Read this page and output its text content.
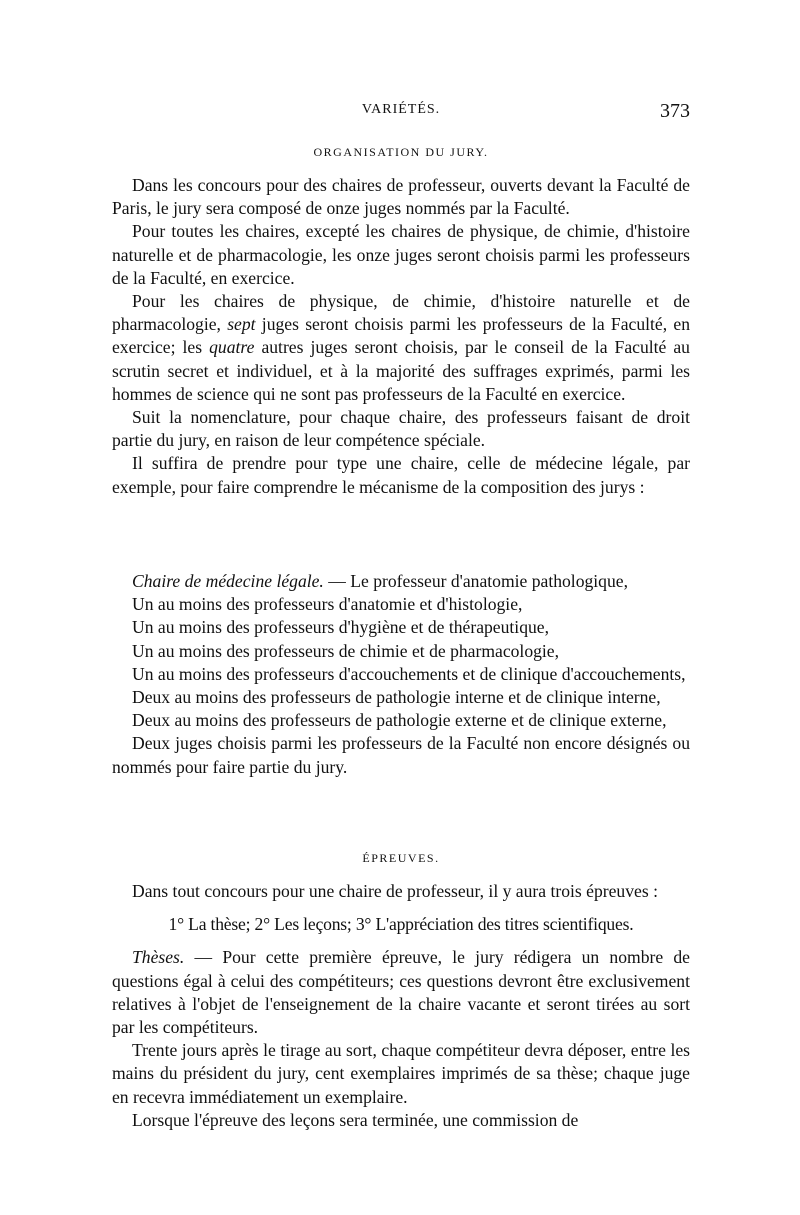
VARIÉTÉS.	373
ORGANISATION DU JURY.

Dans les concours pour des chaires de professeur, ouverts devant la Faculté de Paris, le jury sera composé de onze juges nommés par la Faculté.

Pour toutes les chaires, excepté les chaires de physique, de chimie, d'histoire naturelle et de pharmacologie, les onze juges seront choisis parmi les professeurs de la Faculté, en exercice.

Pour les chaires de physique, de chimie, d'histoire naturelle et de pharmacologie, sept juges seront choisis parmi les professeurs de la Faculté, en exercice; les quatre autres juges seront choisis, par le conseil de la Faculté au scrutin secret et individuel, et à la majorité des suffrages exprimés, parmi les hommes de science qui ne sont pas professeurs de la Faculté en exercice.

Suit la nomenclature, pour chaque chaire, des professeurs faisant de droit partie du jury, en raison de leur compétence spéciale.

Il suffira de prendre pour type une chaire, celle de médecine légale, par exemple, pour faire comprendre le mécanisme de la composition des jurys :

Chaire de médecine légale. — Le professeur d'anatomie pathologique,

Un au moins des professeurs d'anatomie et d'histologie,

Un au moins des professeurs d'hygiène et de thérapeutique,

Un au moins des professeurs de chimie et de pharmacologie,

Un au moins des professeurs d'accouchements et de clinique d'accouchements,

Deux au moins des professeurs de pathologie interne et de clinique interne,

Deux au moins des professeurs de pathologie externe et de clinique externe,

Deux juges choisis parmi les professeurs de la Faculté non encore désignés ou nommés pour faire partie du jury.

ÉPREUVES.

Dans tout concours pour une chaire de professeur, il y aura trois épreuves :

1° La thèse; 2° Les leçons; 3° L'appréciation des titres scientifiques.

Thèses. — Pour cette première épreuve, le jury rédigera un nombre de questions égal à celui des compétiteurs; ces questions devront être exclusivement relatives à l'objet de l'enseignement de la chaire vacante et seront tirées au sort par les compétiteurs.

Trente jours après le tirage au sort, chaque compétiteur devra déposer, entre les mains du président du jury, cent exemplaires imprimés de sa thèse; chaque juge en recevra immédiatement un exemplaire.

Lorsque l'épreuve des leçons sera terminée, une commission de
